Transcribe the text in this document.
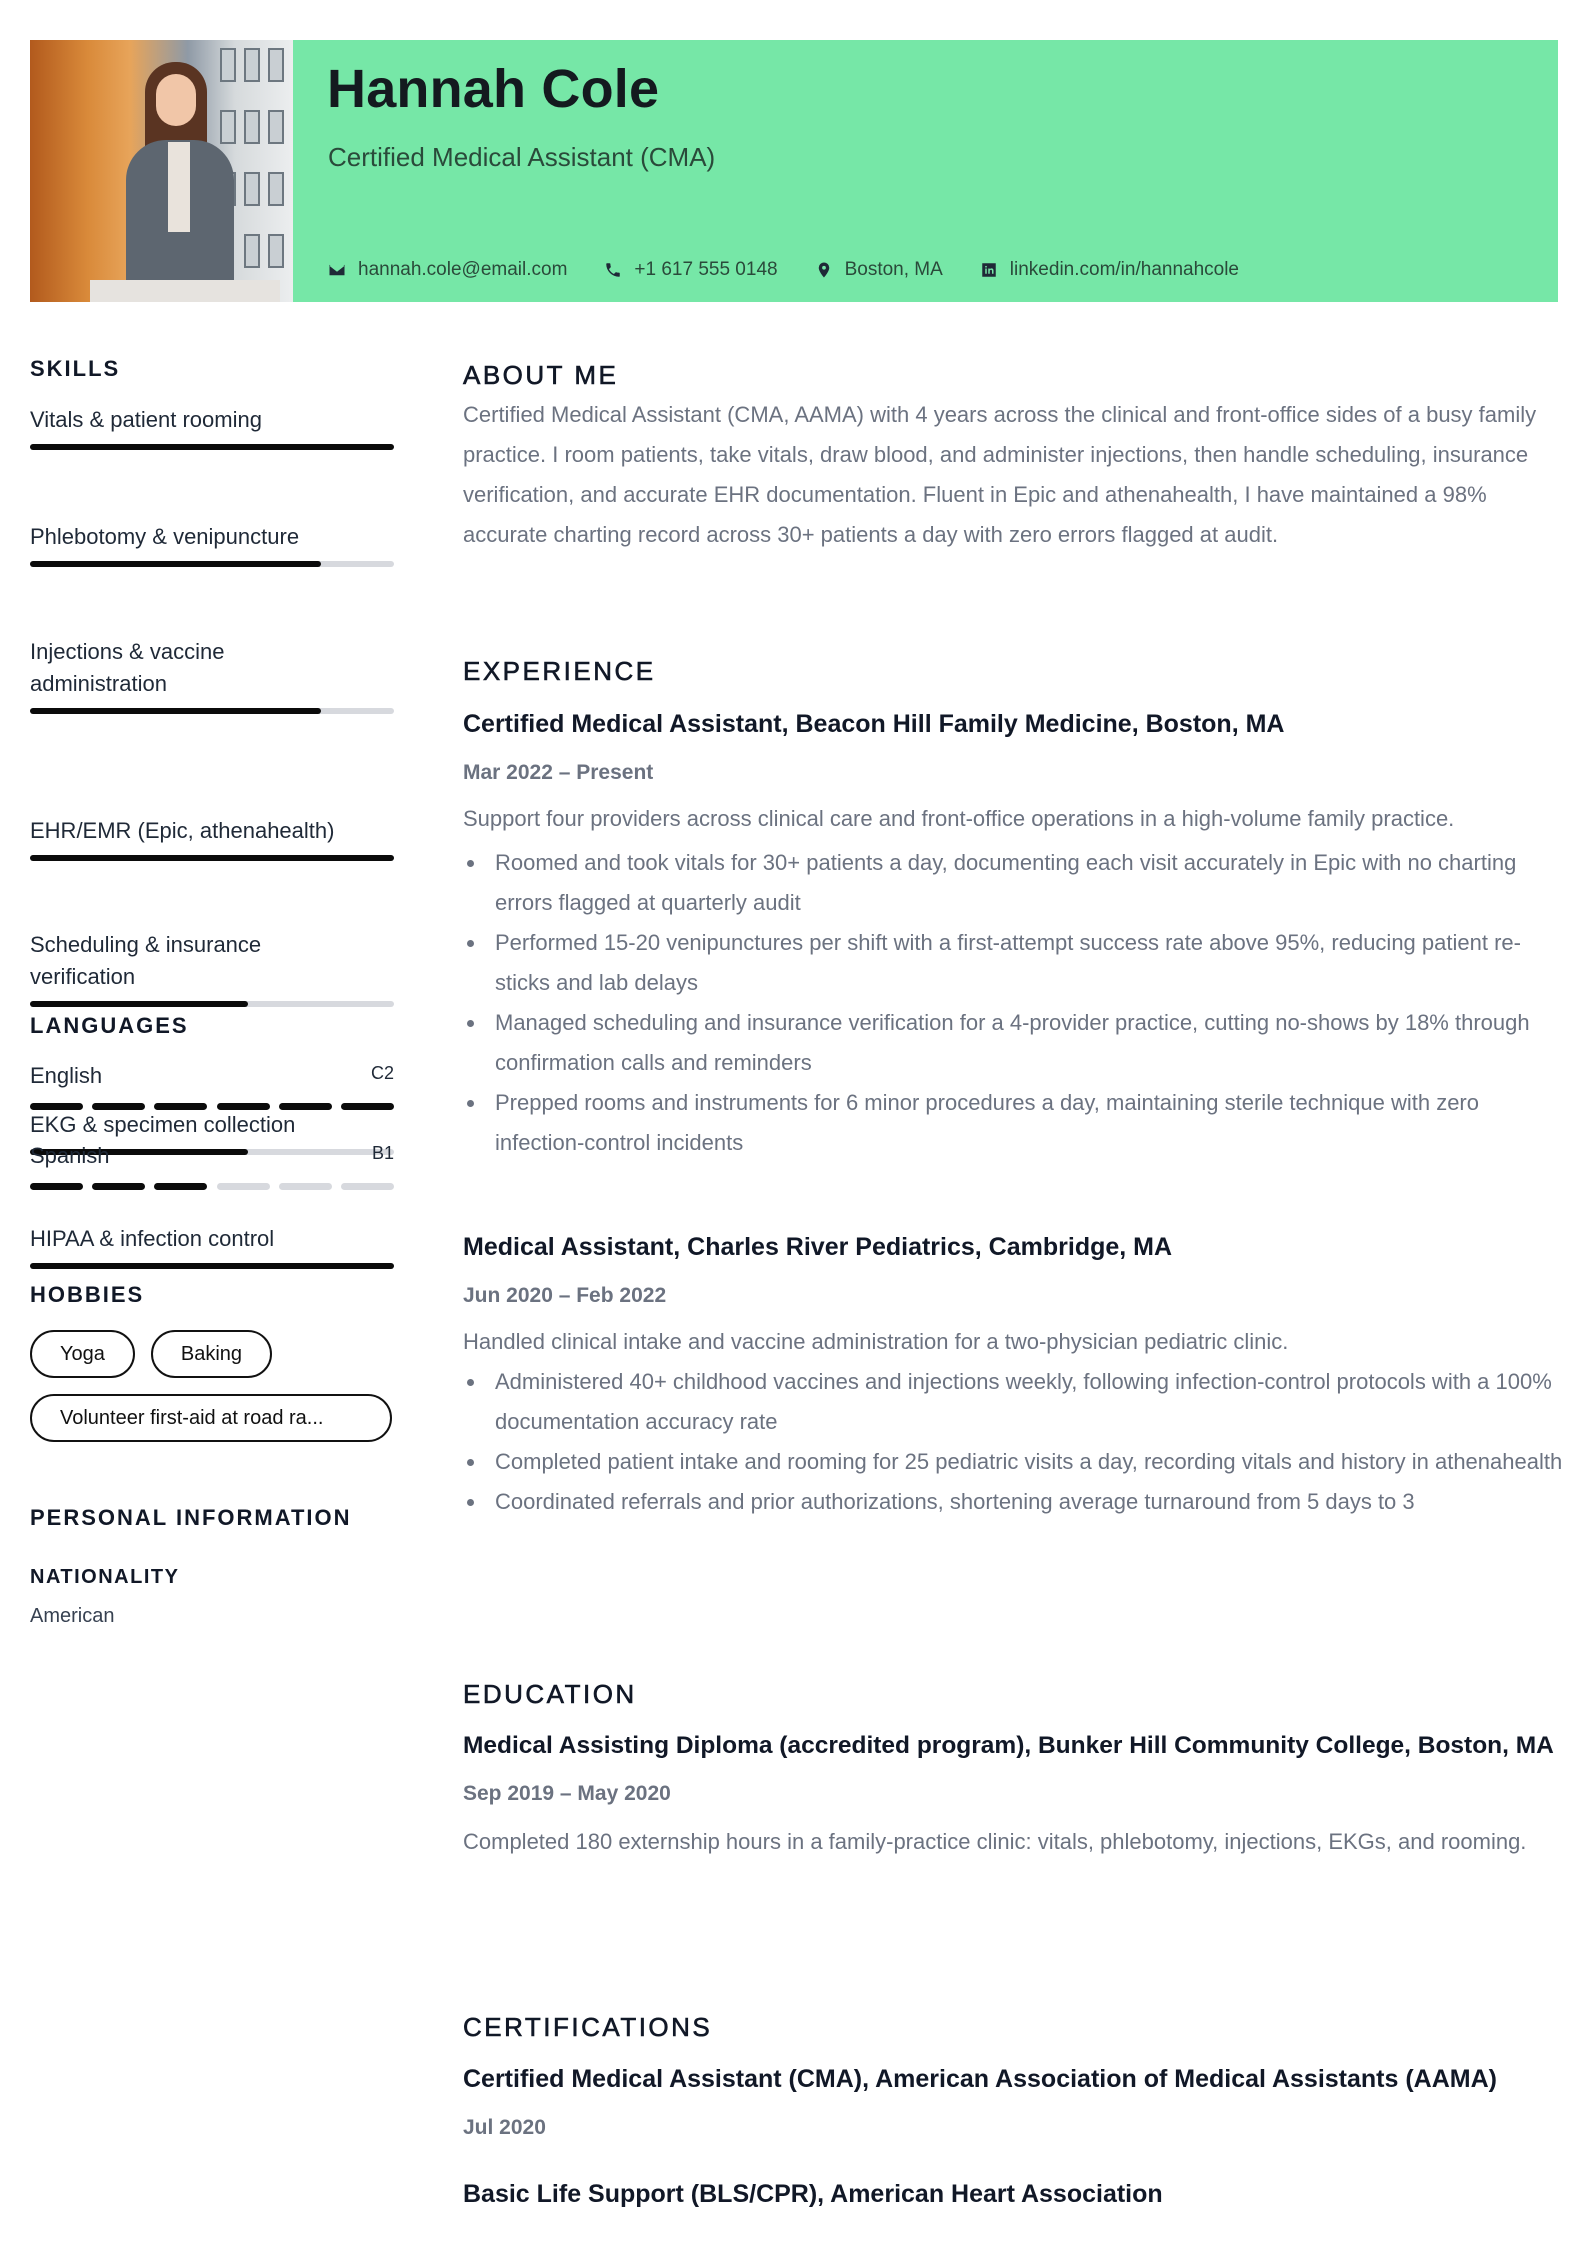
Hannah Cole
Certified Medical Assistant (CMA)
hannah.cole@email.com	+1 617 555 0148	Boston, MA	linkedin.com/in/hannahcole
SKILLS
Vitals & patient rooming
Phlebotomy & venipuncture
Injections & vaccine administration
EHR/EMR (Epic, athenahealth)
Scheduling & insurance verification
EKG & specimen collection
HIPAA & infection control
LANGUAGES
English	C2
Spanish	B1
HOBBIES
Yoga	Baking
Volunteer first-aid at road ra...
PERSONAL INFORMATION
NATIONALITY
American
ABOUT ME
Certified Medical Assistant (CMA, AAMA) with 4 years across the clinical and front-office sides of a busy family practice. I room patients, take vitals, draw blood, and administer injections, then handle scheduling, insurance verification, and accurate EHR documentation. Fluent in Epic and athenahealth, I have maintained a 98% accurate charting record across 30+ patients a day with zero errors flagged at audit.
EXPERIENCE
Certified Medical Assistant, Beacon Hill Family Medicine, Boston, MA
Mar 2022 – Present
Support four providers across clinical care and front-office operations in a high-volume family practice.
Roomed and took vitals for 30+ patients a day, documenting each visit accurately in Epic with no charting errors flagged at quarterly audit
Performed 15-20 venipunctures per shift with a first-attempt success rate above 95%, reducing patient re-sticks and lab delays
Managed scheduling and insurance verification for a 4-provider practice, cutting no-shows by 18% through confirmation calls and reminders
Prepped rooms and instruments for 6 minor procedures a day, maintaining sterile technique with zero infection-control incidents
Medical Assistant, Charles River Pediatrics, Cambridge, MA
Jun 2020 – Feb 2022
Handled clinical intake and vaccine administration for a two-physician pediatric clinic.
Administered 40+ childhood vaccines and injections weekly, following infection-control protocols with a 100% documentation accuracy rate
Completed patient intake and rooming for 25 pediatric visits a day, recording vitals and history in athenahealth
Coordinated referrals and prior authorizations, shortening average turnaround from 5 days to 3
EDUCATION
Medical Assisting Diploma (accredited program), Bunker Hill Community College, Boston, MA
Sep 2019 – May 2020
Completed 180 externship hours in a family-practice clinic: vitals, phlebotomy, injections, EKGs, and rooming.
CERTIFICATIONS
Certified Medical Assistant (CMA), American Association of Medical Assistants (AAMA)
Jul 2020
Basic Life Support (BLS/CPR), American Heart Association
